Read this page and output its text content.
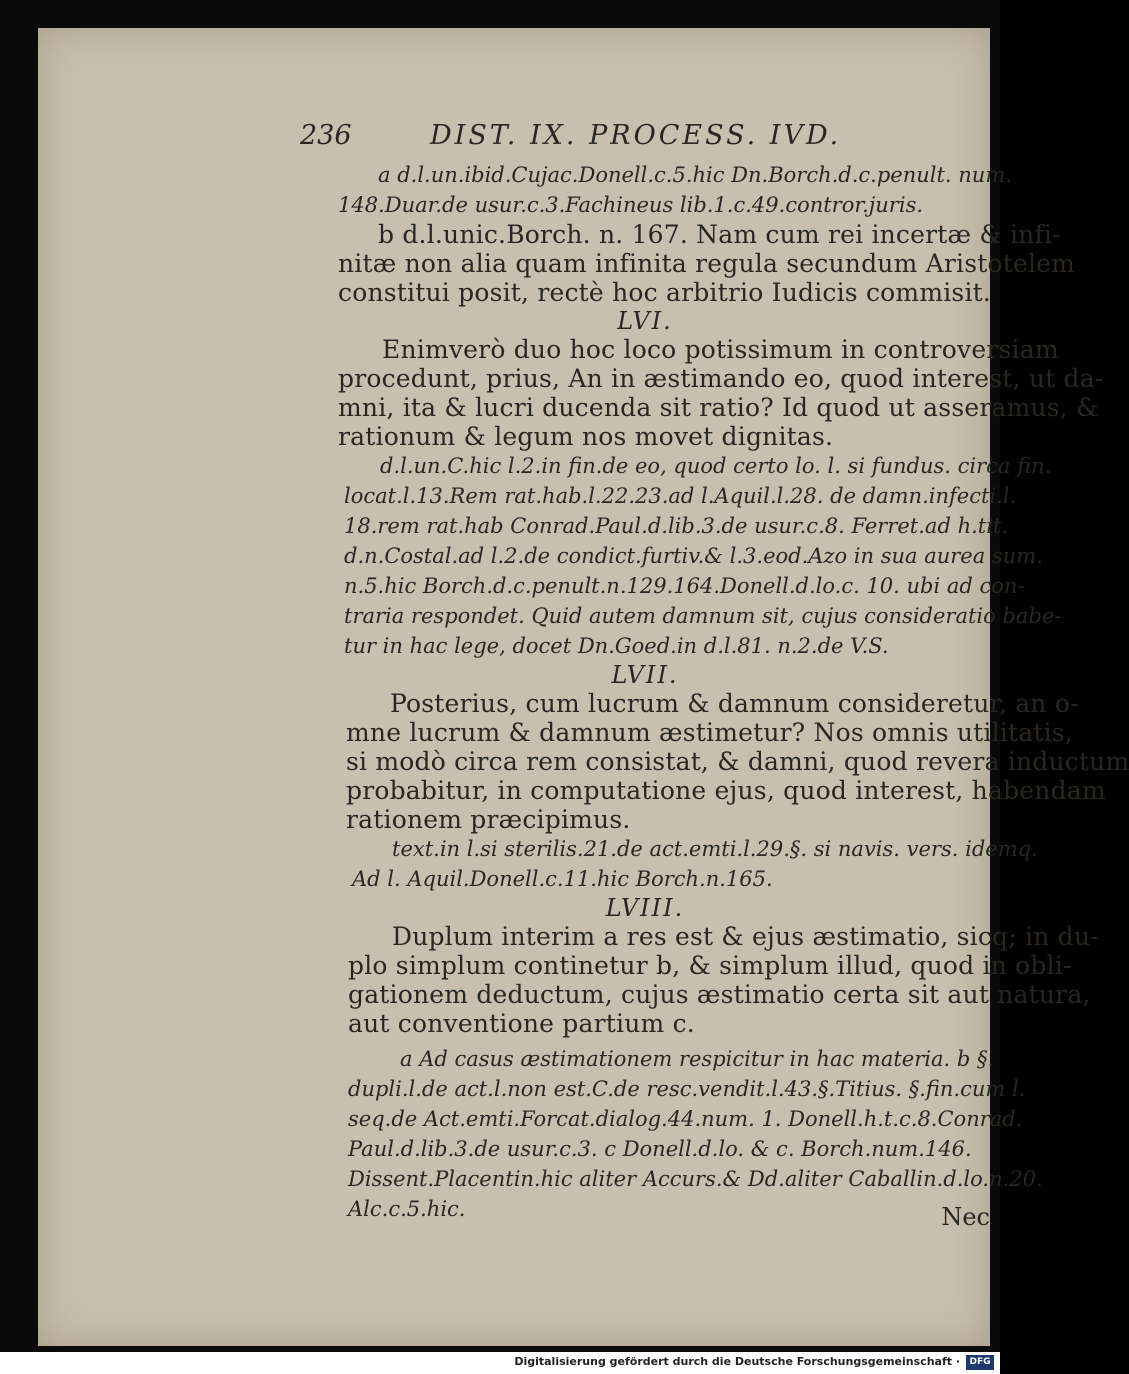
236	DIST. IX. PROCESS. IVD.
a d.l.un.ibid.Cujac.Donell.c.5.hic Dn.Borch.d.c.penult. num.
148.Duar.de usur.c.3.Fachineus lib.1.c.49.contror.juris.
b d.l.unic.Borch. n. 167. Nam cum rei incertæ & infi-
nitæ non alia quam infinita regula secundum Aristotelem
constitui posit, rectè hoc arbitrio Iudicis commisit.
LVI.
Enimverò duo hoc loco potissimum in controversiam
procedunt, prius, An in æstimando eo, quod interest, ut da-
mni, ita & lucri ducenda sit ratio? Id quod ut asseramus, &
rationum & legum nos movet dignitas.
d.l.un.C.hic l.2.in fin.de eo, quod certo lo. l. si fundus. circa fin.
locat.l.13.Rem rat.hab.l.22.23.ad l.Aquil.l.28. de damn.infecti.l.
18.rem rat.hab Conrad.Paul.d.lib.3.de usur.c.8. Ferret.ad h.tit.
d.n.Costal.ad l.2.de condict.furtiv.& l.3.eod.Azo in sua aurea sum.
n.5.hic Borch.d.c.penult.n.129.164.Donell.d.lo.c. 10. ubi ad con-
traria respondet. Quid autem damnum sit, cujus consideratio babe-
tur in hac lege, docet Dn.Goed.in d.l.81. n.2.de V.S.
LVII.
Posterius, cum lucrum & damnum consideretur, an o-
mne lucrum & damnum æstimetur? Nos omnis utilitatis,
si modò circa rem consistat, & damni, quod revera inductum
probabitur, in computatione ejus, quod interest, habendam
rationem præcipimus.
text.in l.si sterilis.21.de act.emti.l.29.§. si navis. vers. idemq.
Ad l. Aquil.Donell.c.11.hic Borch.n.165.
LVIII.
Duplum interim a res est & ejus æstimatio, sicq; in du-
plo simplum continetur b, & simplum illud, quod in obli-
gationem deductum, cujus æstimatio certa sit aut natura,
aut conventione partium c.
a Ad casus æstimationem respicitur in hac materia. b §.
dupli.l.de act.l.non est.C.de resc.vendit.l.43.§.Titius. §.fin.cum l.
seq.de Act.emti.Forcat.dialog.44.num. 1. Donell.h.t.c.8.Conrad.
Paul.d.lib.3.de usur.c.3. c Donell.d.lo. & c. Borch.num.146.
Dissent.Placentin.hic aliter Accurs.& Dd.aliter Caballin.d.lo.n.20.
Alc.c.5.hic.	Nec
Digitalisierung gefördert durch die Deutsche Forschungsgemeinschaft ·	DFG
